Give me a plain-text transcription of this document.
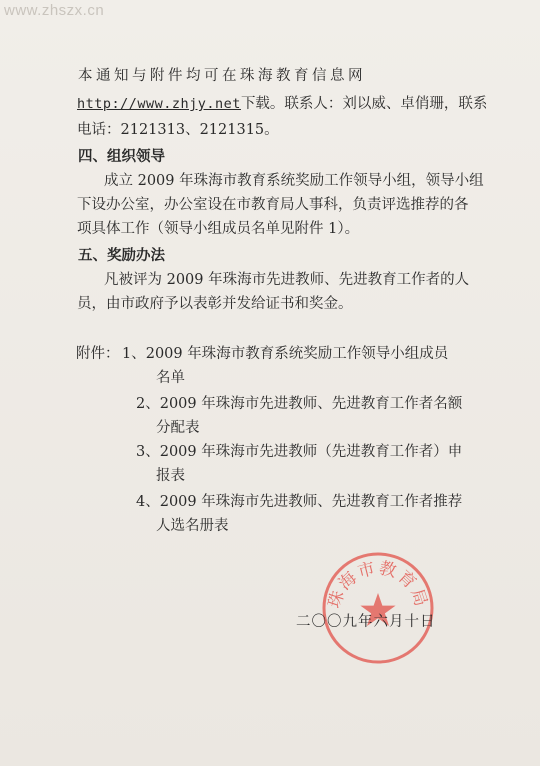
www.zhszx.cn
本通知与附件均可在珠海教育信息网
http://www.zhjy.net下载。联系人：刘以威、卓俏珊，联系
电话：2121313、2121315。
四、组织领导
成立 2009 年珠海市教育系统奖励工作领导小组，领导小组
下设办公室，办公室设在市教育局人事科，负责评选推荐的各
项具体工作（领导小组成员名单见附件 1）。
五、奖励办法
凡被评为 2009 年珠海市先进教师、先进教育工作者的人
员，由市政府予以表彰并发给证书和奖金。
附件： 1、2009 年珠海市教育系统奖励工作领导小组成员
名单
2、2009 年珠海市先进教师、先进教育工作者名额
分配表
3、2009 年珠海市先进教师（先进教育工作者）申
报表
4、2009 年珠海市先进教师、先进教育工作者推荐
人选名册表
珠海市教育局
二〇〇九年六月十日
